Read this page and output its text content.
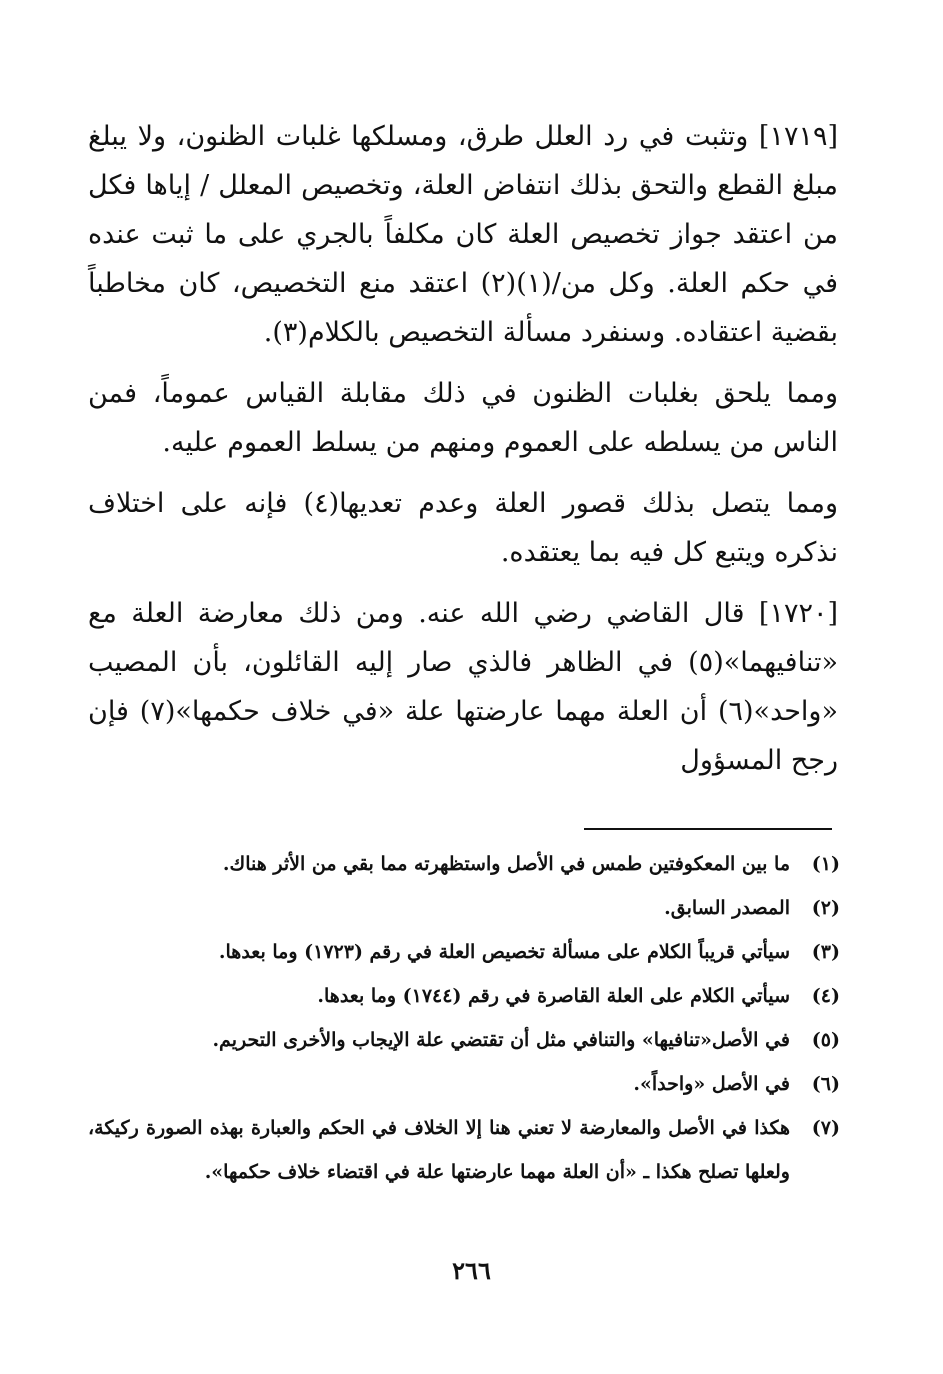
[١٧١٩] وتثبت في رد العلل طرق، ومسلكها غلبات الظنون، ولا يبلغ مبلغ القطع والتحق بذلك انتفاض العلة، وتخصيص المعلل / إياها فكل من اعتقد جواز تخصيص العلة كان مكلفاً بالجري على ما ثبت عنده في حكم العلة. وكل من/(١)(٢) اعتقد منع التخصيص، كان مخاطباً بقضية اعتقاده. وسنفرد مسألة التخصيص بالكلام(٣).

ومما يلحق بغلبات الظنون في ذلك مقابلة القياس عموماً، فمن الناس من يسلطه على العموم ومنهم من يسلط العموم عليه.

ومما يتصل بذلك قصور العلة وعدم تعديها(٤) فإنه على اختلاف نذكره ويتبع كل فيه بما يعتقده.

[١٧٢٠] قال القاضي رضي الله عنه. ومن ذلك معارضة العلة مع «تنافيهما»(٥) في الظاهر فالذي صار إليه القائلون، بأن المصيب «واحد»(٦) أن العلة مهما عارضتها علة «في خلاف حكمها»(٧) فإن رجح المسؤول

(١)
ما بين المعكوفتين طمس في الأصل واستظهرته مما بقي من الأثر هناك.
(٢)
المصدر السابق.
(٣)
سيأتي قريباً الكلام على مسألة تخصيص العلة في رقم (١٧٢٣) وما بعدها.
(٤)
سيأتي الكلام على العلة القاصرة في رقم (١٧٤٤) وما بعدها.
(٥)
في الأصل«تنافيها» والتنافي مثل أن تقتضي علة الإيجاب والأخرى التحريم.
(٦)
في الأصل «واحداً».
(٧)
هكذا في الأصل والمعارضة لا تعني هنا إلا الخلاف في الحكم والعبارة بهذه الصورة ركيكة، ولعلها تصلح هكذا ـ «أن العلة مهما عارضتها علة في اقتضاء خلاف حكمها».
٢٦٦
